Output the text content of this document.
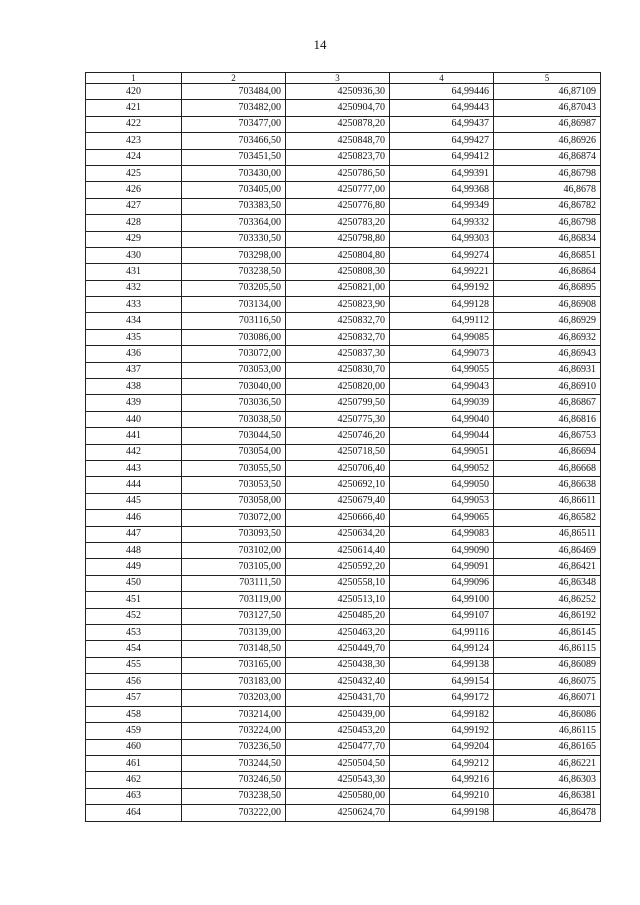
14
1	2	3	4	5
420	703484,00	4250936,30	64,99446	46,87109
421	703482,00	4250904,70	64,99443	46,87043
422	703477,00	4250878,20	64,99437	46,86987
423	703466,50	4250848,70	64,99427	46,86926
424	703451,50	4250823,70	64,99412	46,86874
425	703430,00	4250786,50	64,99391	46,86798
426	703405,00	4250777,00	64,99368	46,8678
427	703383,50	4250776,80	64,99349	46,86782
428	703364,00	4250783,20	64,99332	46,86798
429	703330,50	4250798,80	64,99303	46,86834
430	703298,00	4250804,80	64,99274	46,86851
431	703238,50	4250808,30	64,99221	46,86864
432	703205,50	4250821,00	64,99192	46,86895
433	703134,00	4250823,90	64,99128	46,86908
434	703116,50	4250832,70	64,99112	46,86929
435	703086,00	4250832,70	64,99085	46,86932
436	703072,00	4250837,30	64,99073	46,86943
437	703053,00	4250830,70	64,99055	46,86931
438	703040,00	4250820,00	64,99043	46,86910
439	703036,50	4250799,50	64,99039	46,86867
440	703038,50	4250775,30	64,99040	46,86816
441	703044,50	4250746,20	64,99044	46,86753
442	703054,00	4250718,50	64,99051	46,86694
443	703055,50	4250706,40	64,99052	46,86668
444	703053,50	4250692,10	64,99050	46,86638
445	703058,00	4250679,40	64,99053	46,86611
446	703072,00	4250666,40	64,99065	46,86582
447	703093,50	4250634,20	64,99083	46,86511
448	703102,00	4250614,40	64,99090	46,86469
449	703105,00	4250592,20	64,99091	46,86421
450	703111,50	4250558,10	64,99096	46,86348
451	703119,00	4250513,10	64,99100	46,86252
452	703127,50	4250485,20	64,99107	46,86192
453	703139,00	4250463,20	64,99116	46,86145
454	703148,50	4250449,70	64,99124	46,86115
455	703165,00	4250438,30	64,99138	46,86089
456	703183,00	4250432,40	64,99154	46,86075
457	703203,00	4250431,70	64,99172	46,86071
458	703214,00	4250439,00	64,99182	46,86086
459	703224,00	4250453,20	64,99192	46,86115
460	703236,50	4250477,70	64,99204	46,86165
461	703244,50	4250504,50	64,99212	46,86221
462	703246,50	4250543,30	64,99216	46,86303
463	703238,50	4250580,00	64,99210	46,86381
464	703222,00	4250624,70	64,99198	46,86478
